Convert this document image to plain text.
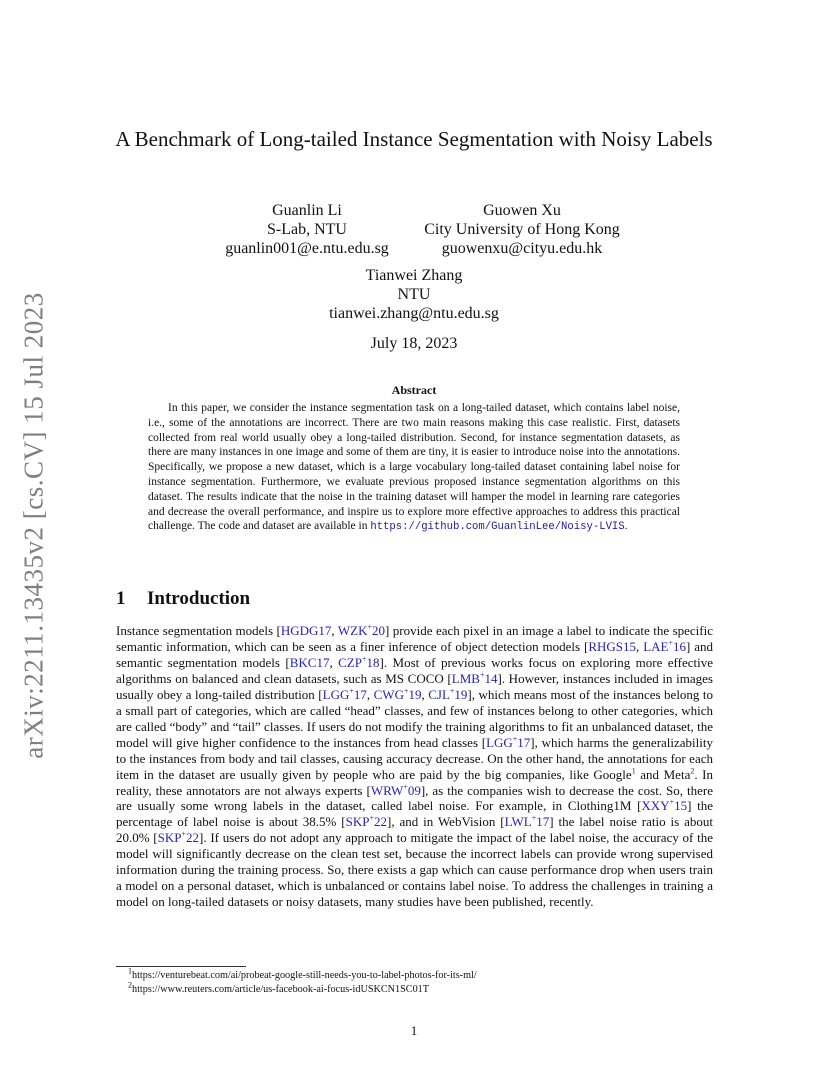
arXiv:2211.13435v2 [cs.CV] 15 Jul 2023
A Benchmark of Long-tailed Instance Segmentation with Noisy Labels
Guanlin Li
S-Lab, NTU
guanlin001@e.ntu.edu.sg
Guowen Xu
City University of Hong Kong
guowenxu@cityu.edu.hk
Tianwei Zhang
NTU
tianwei.zhang@ntu.edu.sg
July 18, 2023
Abstract

In this paper, we consider the instance segmentation task on a long-tailed dataset, which contains label noise, i.e., some of the annotations are incorrect. There are two main reasons making this case realistic. First, datasets collected from real world usually obey a long-tailed distribution. Second, for instance segmentation datasets, as there are many instances in one image and some of them are tiny, it is easier to introduce noise into the annotations. Specifically, we propose a new dataset, which is a large vocabulary long-tailed dataset containing label noise for instance segmentation. Furthermore, we evaluate previous proposed instance segmentation algorithms on this dataset. The results indicate that the noise in the training dataset will hamper the model in learning rare categories and decrease the overall performance, and inspire us to explore more effective approaches to address this practical challenge. The code and dataset are available in https://github.com/GuanlinLee/Noisy-LVIS.

1 Introduction

Instance segmentation models [HGDG17, WZK+20] provide each pixel in an image a label to indicate the specific semantic information, which can be seen as a finer inference of object detection models [RHGS15, LAE+16] and semantic segmentation models [BKC17, CZP+18]. Most of previous works focus on exploring more effective algorithms on balanced and clean datasets, such as MS COCO [LMB+14]. However, instances included in images usually obey a long-tailed distribution [LGG+17, CWG+19, CJL+19], which means most of the instances belong to a small part of categories, which are called “head” classes, and few of instances belong to other categories, which are called “body” and “tail” classes. If users do not modify the training algorithms to fit an unbalanced dataset, the model will give higher confidence to the instances from head classes [LGG+17], which harms the generalizability to the instances from body and tail classes, causing accuracy decrease. On the other hand, the annotations for each item in the dataset are usually given by people who are paid by the big companies, like Google$^1$ and Meta$^2$. In reality, these annotators are not always experts [WRW+09], as the companies wish to decrease the cost. So, there are usually some wrong labels in the dataset, called label noise. For example, in Clothing1M [XXY+15] the percentage of label noise is about 38.5% [SKP+22], and in WebVision [LWL+17] the label noise ratio is about 20.0% [SKP+22]. If users do not adopt any approach to mitigate the impact of the label noise, the accuracy of the model will significantly decrease on the clean test set, because the incorrect labels can provide wrong supervised information during the training process. So, there exists a gap which can cause performance drop when users train a model on a personal dataset, which is unbalanced or contains label noise. To address the challenges in training a model on long-tailed datasets or noisy datasets, many studies have been published, recently.

$^1$https://venturebeat.com/ai/probeat-google-still-needs-you-to-label-photos-for-its-ml/
$^2$https://www.reuters.com/article/us-facebook-ai-focus-idUSKCN1SC01T
1
